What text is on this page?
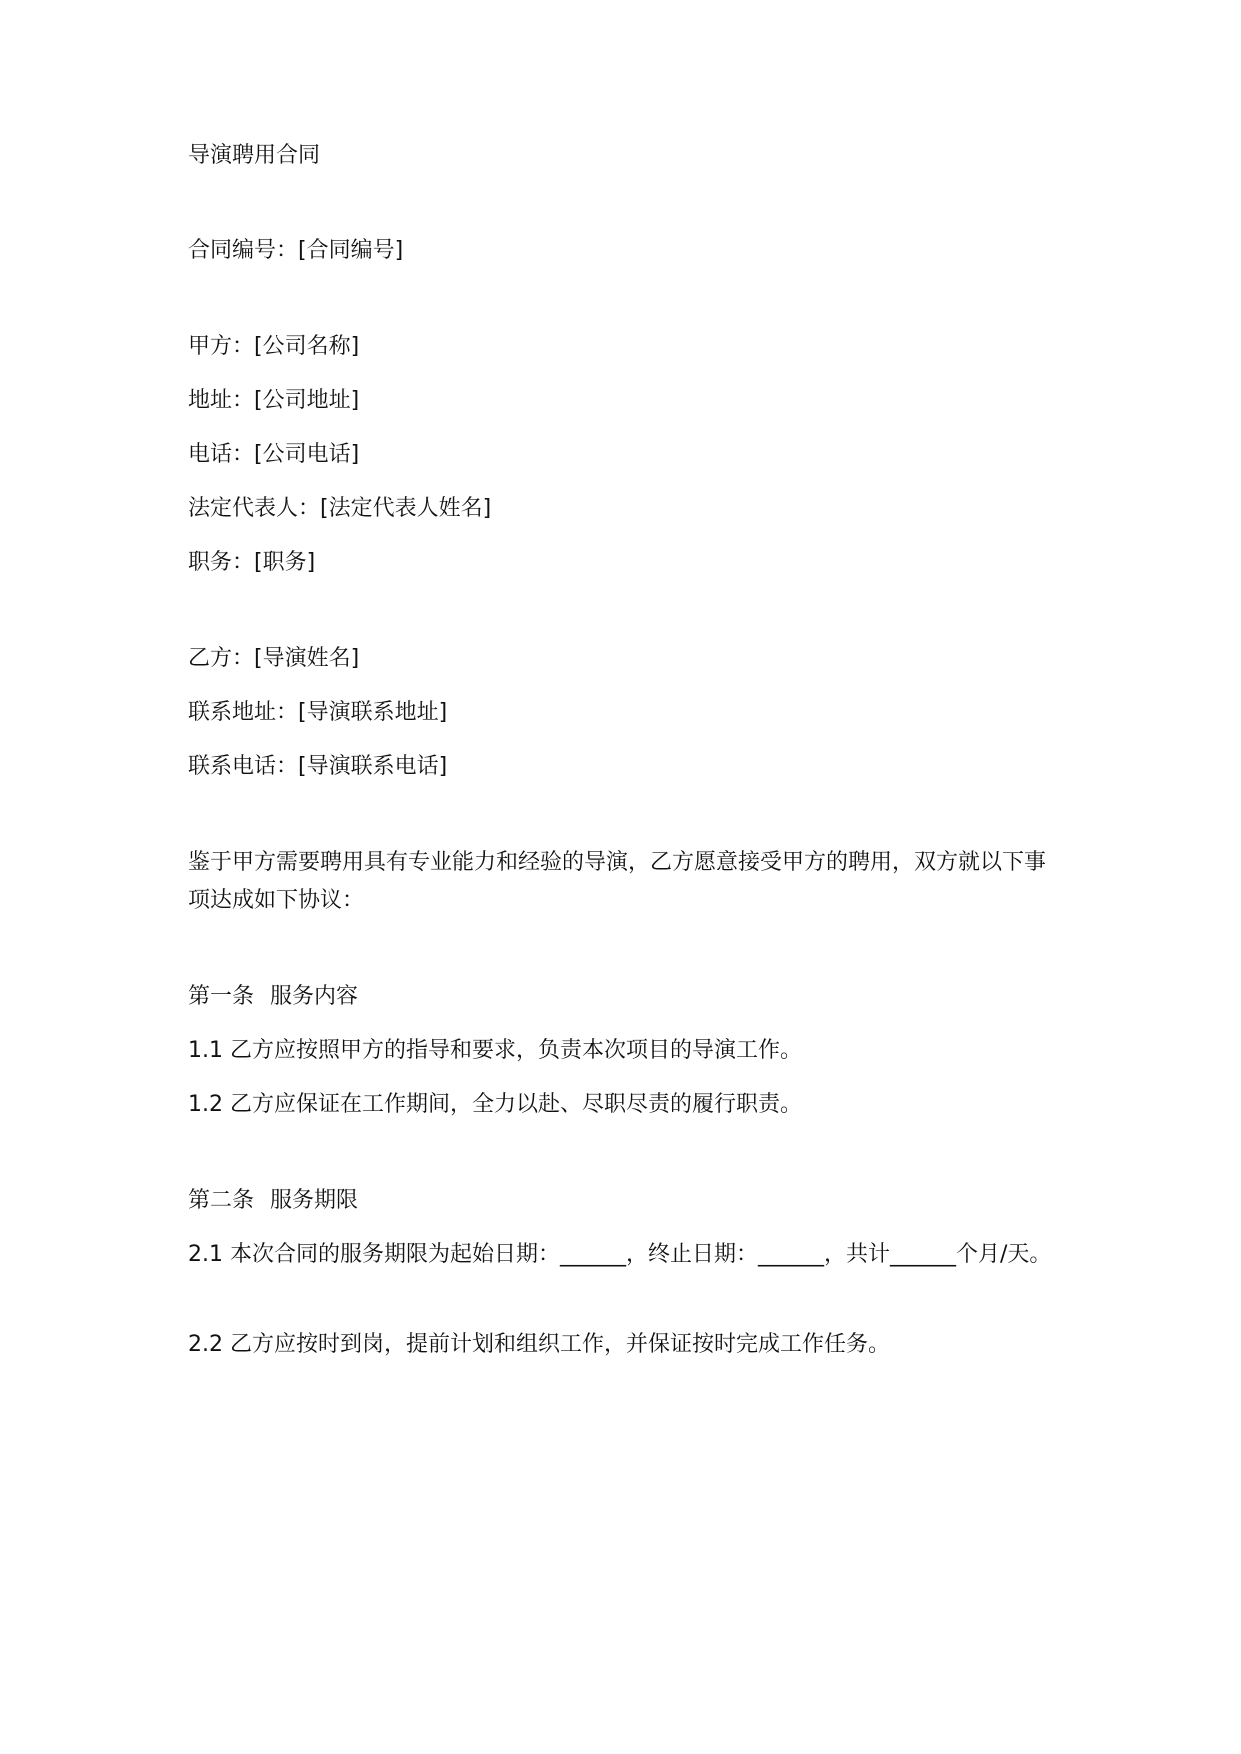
导演聘用合同

合同编号：[合同编号]

甲方：[公司名称]

地址：[公司地址]

电话：[公司电话]

法定代表人：[法定代表人姓名]

职务：[职务]

乙方：[导演姓名]

联系地址：[导演联系地址]

联系电话：[导演联系电话]

鉴于甲方需要聘用具有专业能力和经验的导演，乙方愿意接受甲方的聘用，双方就以下事项达成如下协议：

第一条 服务内容

1.1 乙方应按照甲方的指导和要求，负责本次项目的导演工作。

1.2 乙方应保证在工作期间，全力以赴、尽职尽责的履行职责。

第二条 服务期限

2.1 本次合同的服务期限为起始日期：______，终止日期：______，共计______个月/天。

2.2 乙方应按时到岗，提前计划和组织工作，并保证按时完成工作任务。
